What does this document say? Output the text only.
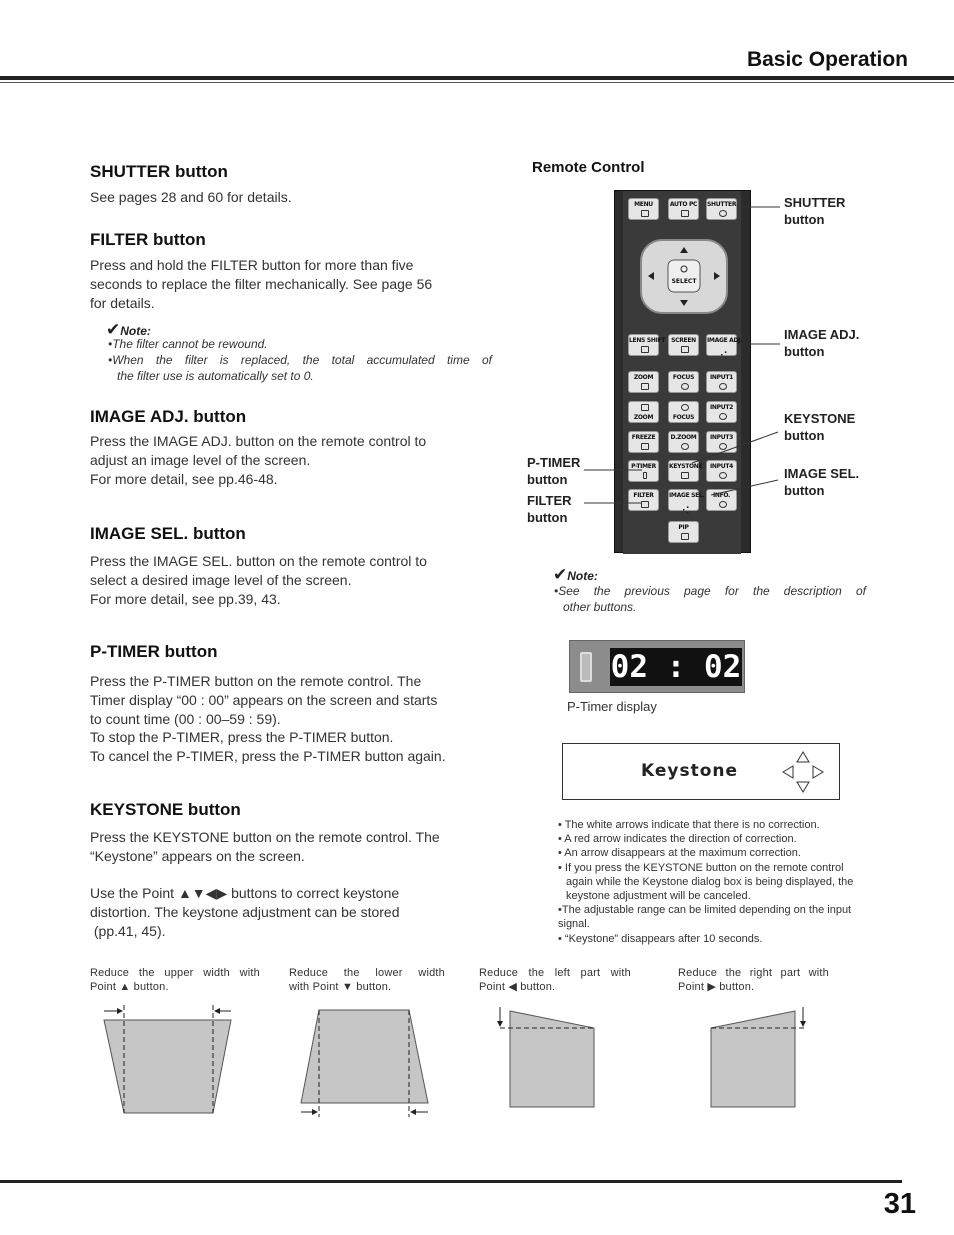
Basic Operation
SHUTTER button
See pages 28 and 60 for details.
FILTER button
Press and hold the FILTER button for more than five
seconds to replace the filter mechanically. See page 56
for details.
✔Note:
•The filter cannot be rewound.
•When the filter is replaced, the total accumulated time of
the filter use is automatically set to 0.
IMAGE ADJ. button
Press the IMAGE ADJ. button on the remote control to
adjust an image level of the screen.
For more detail, see pp.46-48.
IMAGE SEL. button
Press the IMAGE SEL. button on the remote control to
select a desired image level of the screen.
For more detail, see pp.39, 43.
P-TIMER button
Press the P-TIMER button on the remote control. The
Timer display “00 : 00” appears on the screen and starts
to count time (00 : 00–59 : 59).
To stop the P-TIMER, press the P-TIMER button.
To cancel the P-TIMER, press the P-TIMER button again.
KEYSTONE button
Press the KEYSTONE button on the remote control. The
“Keystone” appears on the screen.
Use the Point ▲▼◀▶ buttons to correct keystone
distortion. The keystone adjustment can be stored
(pp.41, 45).
Remote Control
MENU	AUTO PC SHUTTER
SELECT
LENS SHIFT SCREEN	IMAGE ADJ.
ZOOM	FOCUS	INPUT1
ZOOM	FOCUS
INPUT2
FREEZE	D.ZOOM	INPUT3
P-TIMER	KEYSTONE	INPUT4
FILTER	IMAGE SEL.	INFO.
PIP
SHUTTER
button
IMAGE ADJ.
button
KEYSTONE
button
IMAGE SEL.
button
P-TIMER
button
FILTER
button
✔Note:
•See the previous page for the description of
other buttons.
02 : 02
P-Timer display
Keystone
• The white arrows indicate that there is no correction.
• A red arrow indicates the direction of correction.
• An arrow disappears at the maximum correction.
• If you press the KEYSTONE button on the remote control again while the Keystone dialog box is being displayed, the keystone adjustment will be canceled.
•The adjustable range can be limited depending on the input signal.
• “Keystone” disappears after 10 seconds.
Reduce the upper width with
Point ▲ button.
Reduce the lower width
with Point ▼ button.
Reduce the left part with
Point ◀ button.
Reduce the right part with
Point ▶ button.
31
